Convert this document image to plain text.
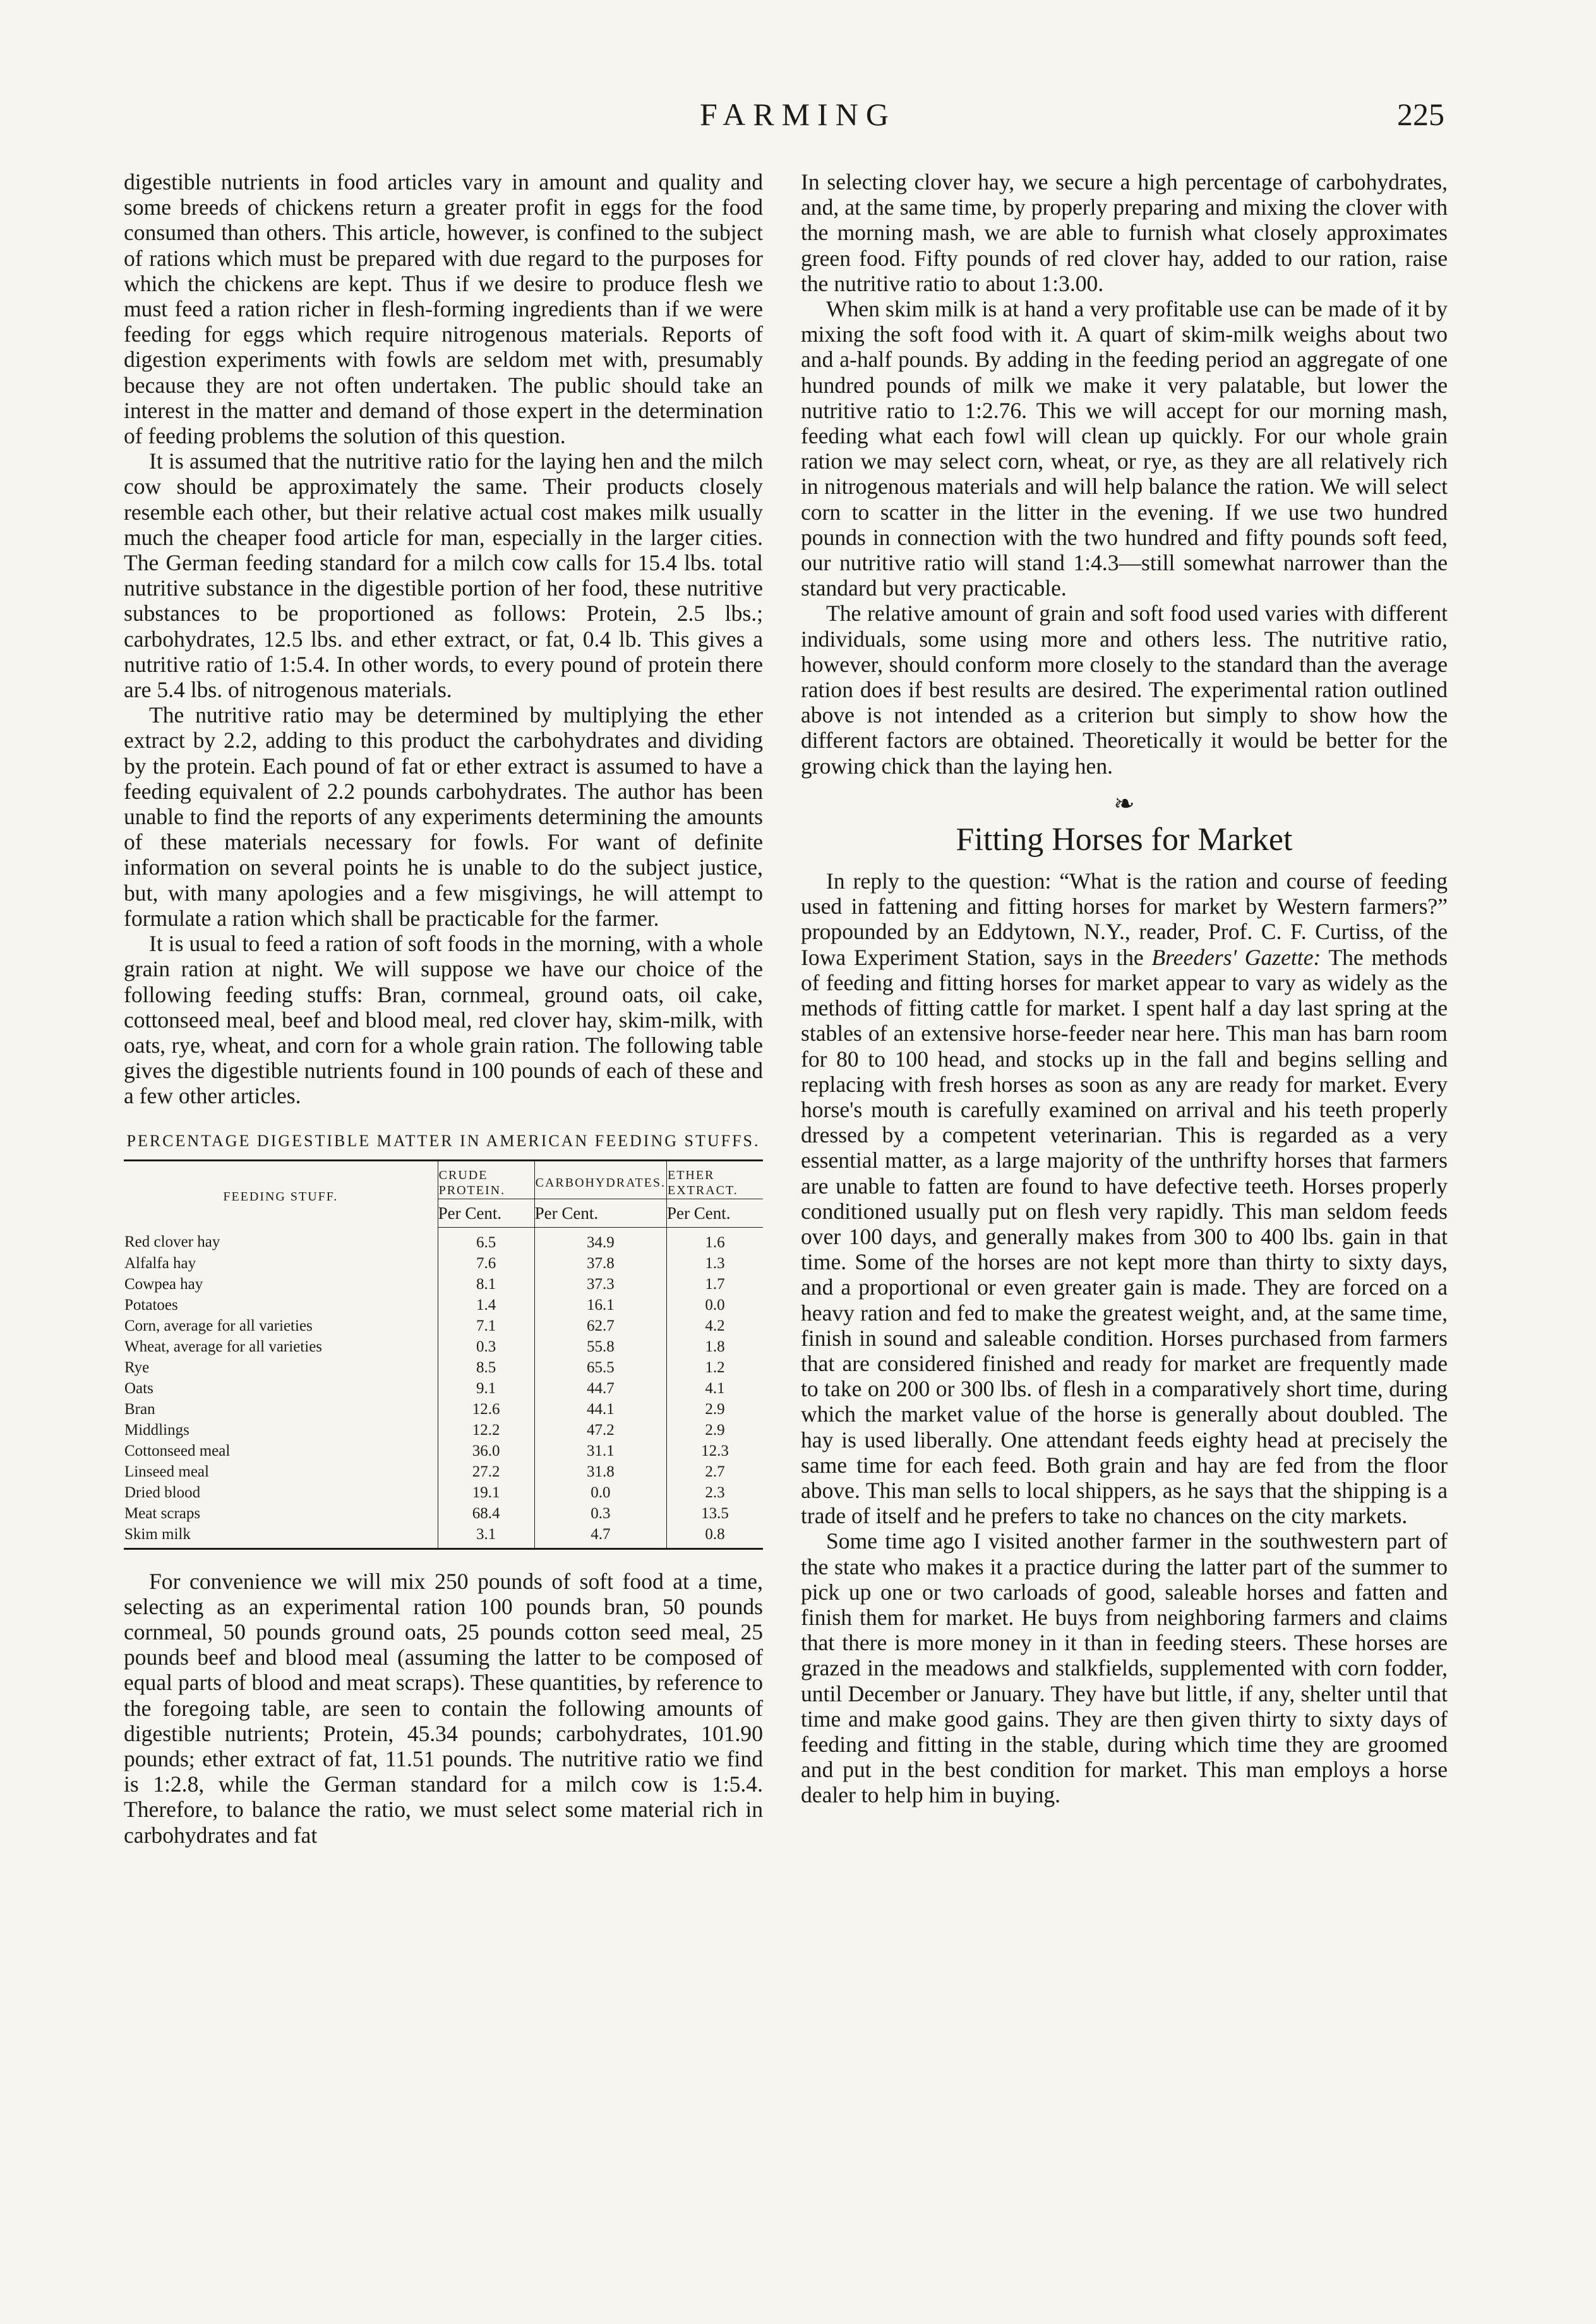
FARMING	225

digestible nutrients in food articles vary in amount and quality and some breeds of chickens return a greater profit in eggs for the food consumed than others. This article, however, is confined to the subject of rations which must be prepared with due regard to the purposes for which the chickens are kept. Thus if we desire to produce flesh we must feed a ration richer in flesh-forming ingredients than if we were feeding for eggs which require nitrogenous materials. Reports of digestion experiments with fowls are seldom met with, presumably because they are not often undertaken. The public should take an interest in the matter and demand of those expert in the determination of feeding problems the solution of this question.

It is assumed that the nutritive ratio for the laying hen and the milch cow should be approximately the same. Their products closely resemble each other, but their relative actual cost makes milk usually much the cheaper food article for man, especially in the larger cities. The German feeding standard for a milch cow calls for 15.4 lbs. total nutritive substance in the digestible portion of her food, these nutritive substances to be proportioned as follows: Protein, 2.5 lbs.; carbohydrates, 12.5 lbs. and ether extract, or fat, 0.4 lb. This gives a nutritive ratio of 1:5.4. In other words, to every pound of protein there are 5.4 lbs. of nitrogenous materials.

The nutritive ratio may be determined by multiplying the ether extract by 2.2, adding to this product the carbohydrates and dividing by the protein. Each pound of fat or ether extract is assumed to have a feeding equivalent of 2.2 pounds carbohydrates. The author has been unable to find the reports of any experiments determining the amounts of these materials necessary for fowls. For want of definite information on several points he is unable to do the subject justice, but, with many apologies and a few misgivings, he will attempt to formulate a ration which shall be practicable for the farmer.

It is usual to feed a ration of soft foods in the morning, with a whole grain ration at night. We will suppose we have our choice of the following feeding stuffs: Bran, cornmeal, ground oats, oil cake, cottonseed meal, beef and blood meal, red clover hay, skim-milk, with oats, rye, wheat, and corn for a whole grain ration. The following table gives the digestible nutrients found in 100 pounds of each of these and a few other articles.

PERCENTAGE DIGESTIBLE MATTER IN AMERICAN FEEDING STUFFS.
FEEDING STUFF.	CRUDE PROTEIN.	CARBOHYDRATES.	ETHER EXTRACT.
	Per Cent.	Per Cent.	Per Cent.
Red clover hay	6.5	34.9	1.6
Alfalfa hay	7.6	37.8	1.3
Cowpea hay	8.1	37.3	1.7
Potatoes	1.4	16.1	0.0
Corn, average for all varieties	7.1	62.7	4.2
Wheat, average for all varieties	0.3	55.8	1.8
Rye	8.5	65.5	1.2
Oats	9.1	44.7	4.1
Bran	12.6	44.1	2.9
Middlings	12.2	47.2	2.9
Cottonseed meal	36.0	31.1	12.3
Linseed meal	27.2	31.8	2.7
Dried blood	19.1	0.0	2.3
Meat scraps	68.4	0.3	13.5
Skim milk	3.1	4.7	0.8

For convenience we will mix 250 pounds of soft food at a time, selecting as an experimental ration 100 pounds bran, 50 pounds cornmeal, 50 pounds ground oats, 25 pounds cotton seed meal, 25 pounds beef and blood meal (assuming the latter to be composed of equal parts of blood and meat scraps). These quantities, by reference to the foregoing table, are seen to contain the following amounts of digestible nutrients; Protein, 45.34 pounds; carbohydrates, 101.90 pounds; ether extract of fat, 11.51 pounds. The nutritive ratio we find is 1:2.8, while the German standard for a milch cow is 1:5.4. Therefore, to balance the ratio, we must select some material rich in carbohydrates and fat

In selecting clover hay, we secure a high percentage of carbohydrates, and, at the same time, by properly preparing and mixing the clover with the morning mash, we are able to furnish what closely approximates green food. Fifty pounds of red clover hay, added to our ration, raise the nutritive ratio to about 1:3.00.

When skim milk is at hand a very profitable use can be made of it by mixing the soft food with it. A quart of skim-milk weighs about two and a-half pounds. By adding in the feeding period an aggregate of one hundred pounds of milk we make it very palatable, but lower the nutritive ratio to 1:2.76. This we will accept for our morning mash, feeding what each fowl will clean up quickly. For our whole grain ration we may select corn, wheat, or rye, as they are all relatively rich in nitrogenous materials and will help balance the ration. We will select corn to scatter in the litter in the evening. If we use two hundred pounds in connection with the two hundred and fifty pounds soft feed, our nutritive ratio will stand 1:4.3—still somewhat narrower than the standard but very practicable.

The relative amount of grain and soft food used varies with different individuals, some using more and others less. The nutritive ratio, however, should conform more closely to the standard than the average ration does if best results are desired. The experimental ration outlined above is not intended as a criterion but simply to show how the different factors are obtained. Theoretically it would be better for the growing chick than the laying hen.

❧
Fitting Horses for Market

In reply to the question: “What is the ration and course of feeding used in fattening and fitting horses for market by Western farmers?” propounded by an Eddytown, N.Y., reader, Prof. C. F. Curtiss, of the Iowa Experiment Station, says in the Breeders' Gazette: The methods of feeding and fitting horses for market appear to vary as widely as the methods of fitting cattle for market. I spent half a day last spring at the stables of an extensive horse-feeder near here. This man has barn room for 80 to 100 head, and stocks up in the fall and begins selling and replacing with fresh horses as soon as any are ready for market. Every horse's mouth is carefully examined on arrival and his teeth properly dressed by a competent veterinarian. This is regarded as a very essential matter, as a large majority of the unthrifty horses that farmers are unable to fatten are found to have defective teeth. Horses properly conditioned usually put on flesh very rapidly. This man seldom feeds over 100 days, and generally makes from 300 to 400 lbs. gain in that time. Some of the horses are not kept more than thirty to sixty days, and a proportional or even greater gain is made. They are forced on a heavy ration and fed to make the greatest weight, and, at the same time, finish in sound and saleable condition. Horses purchased from farmers that are considered finished and ready for market are frequently made to take on 200 or 300 lbs. of flesh in a comparatively short time, during which the market value of the horse is generally about doubled. The hay is used liberally. One attendant feeds eighty head at precisely the same time for each feed. Both grain and hay are fed from the floor above. This man sells to local shippers, as he says that the shipping is a trade of itself and he prefers to take no chances on the city markets.

Some time ago I visited another farmer in the southwestern part of the state who makes it a practice during the latter part of the summer to pick up one or two carloads of good, saleable horses and fatten and finish them for market. He buys from neighboring farmers and claims that there is more money in it than in feeding steers. These horses are grazed in the meadows and stalkfields, supplemented with corn fodder, until December or January. They have but little, if any, shelter until that time and make good gains. They are then given thirty to sixty days of feeding and fitting in the stable, during which time they are groomed and put in the best condition for market. This man employs a horse dealer to help him in buying.
